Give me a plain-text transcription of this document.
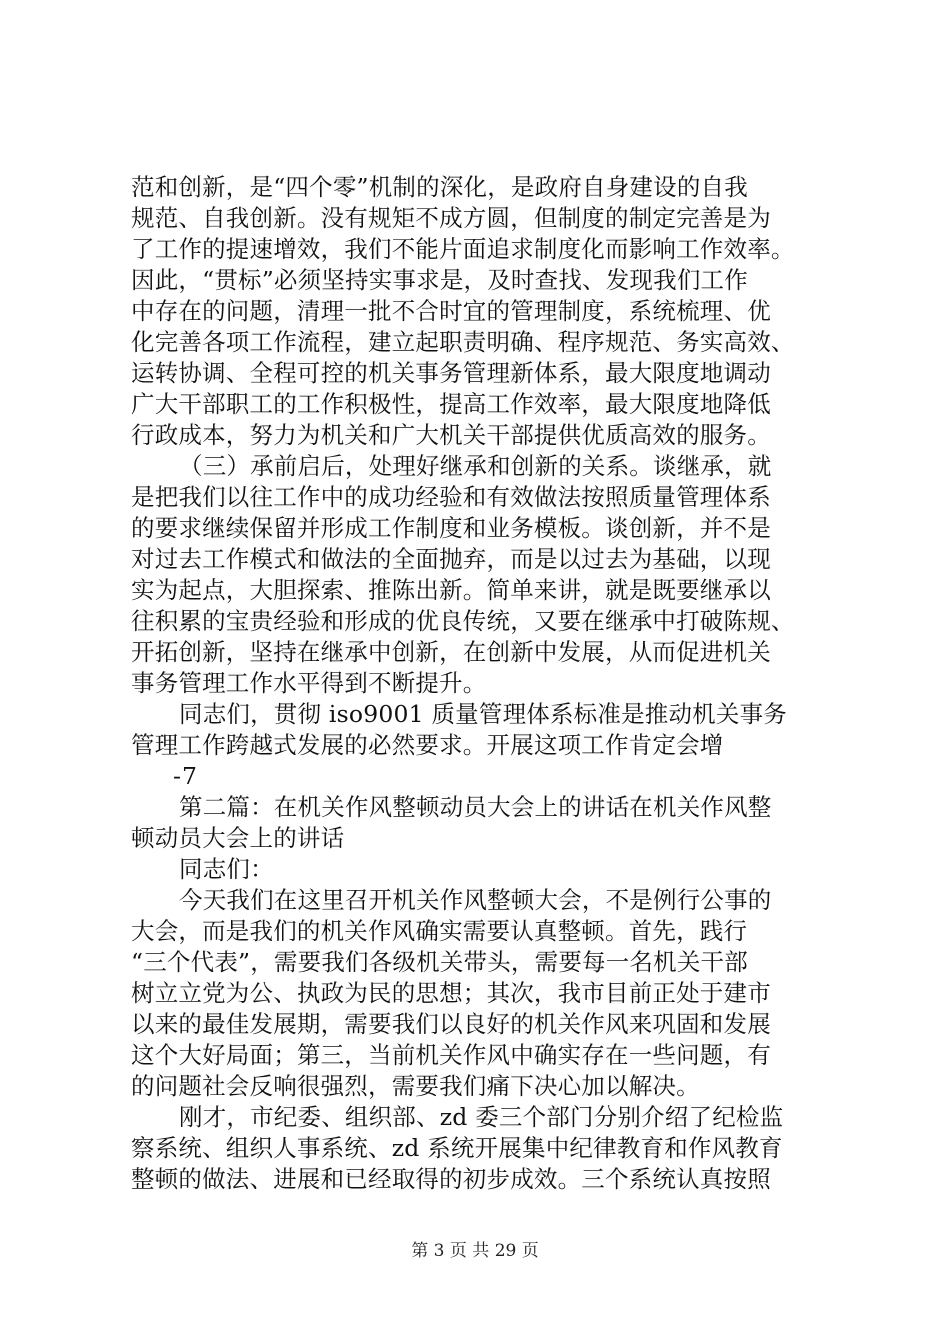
范和创新，是“四个零”机制的深化，是政府自身建设的自我
规范、自我创新。没有规矩不成方圆，但制度的制定完善是为
了工作的提速增效，我们不能片面追求制度化而影响工作效率。
因此，“贯标”必须坚持实事求是，及时查找、发现我们工作
中存在的问题，清理一批不合时宜的管理制度，系统梳理、优
化完善各项工作流程，建立起职责明确、程序规范、务实高效、
运转协调、全程可控的机关事务管理新体系，最大限度地调动
广大干部职工的工作积极性，提高工作效率，最大限度地降低
行政成本，努力为机关和广大机关干部提供优质高效的服务。
（三）承前启后，处理好继承和创新的关系。谈继承，就
是把我们以往工作中的成功经验和有效做法按照质量管理体系
的要求继续保留并形成工作制度和业务模板。谈创新，并不是
对过去工作模式和做法的全面抛弃，而是以过去为基础，以现
实为起点，大胆探索、推陈出新。简单来讲，就是既要继承以
往积累的宝贵经验和形成的优良传统，又要在继承中打破陈规、
开拓创新，坚持在继承中创新，在创新中发展，从而促进机关
事务管理工作水平得到不断提升。
同志们，贯彻 iso9001 质量管理体系标准是推动机关事务
管理工作跨越式发展的必然要求。开展这项工作肯定会增
-7
第二篇：在机关作风整顿动员大会上的讲话在机关作风整
顿动员大会上的讲话
同志们：
今天我们在这里召开机关作风整顿大会，不是例行公事的
大会，而是我们的机关作风确实需要认真整顿。首先，践行
“三个代表”，需要我们各级机关带头，需要每一名机关干部
树立立党为公、执政为民的思想；其次，我市目前正处于建市
以来的最佳发展期，需要我们以良好的机关作风来巩固和发展
这个大好局面；第三，当前机关作风中确实存在一些问题，有
的问题社会反响很强烈，需要我们痛下决心加以解决。
刚才，市纪委、组织部、zd 委三个部门分别介绍了纪检监
察系统、组织人事系统、zd 系统开展集中纪律教育和作风教育
整顿的做法、进展和已经取得的初步成效。三个系统认真按照
第 3 页 共 29 页
